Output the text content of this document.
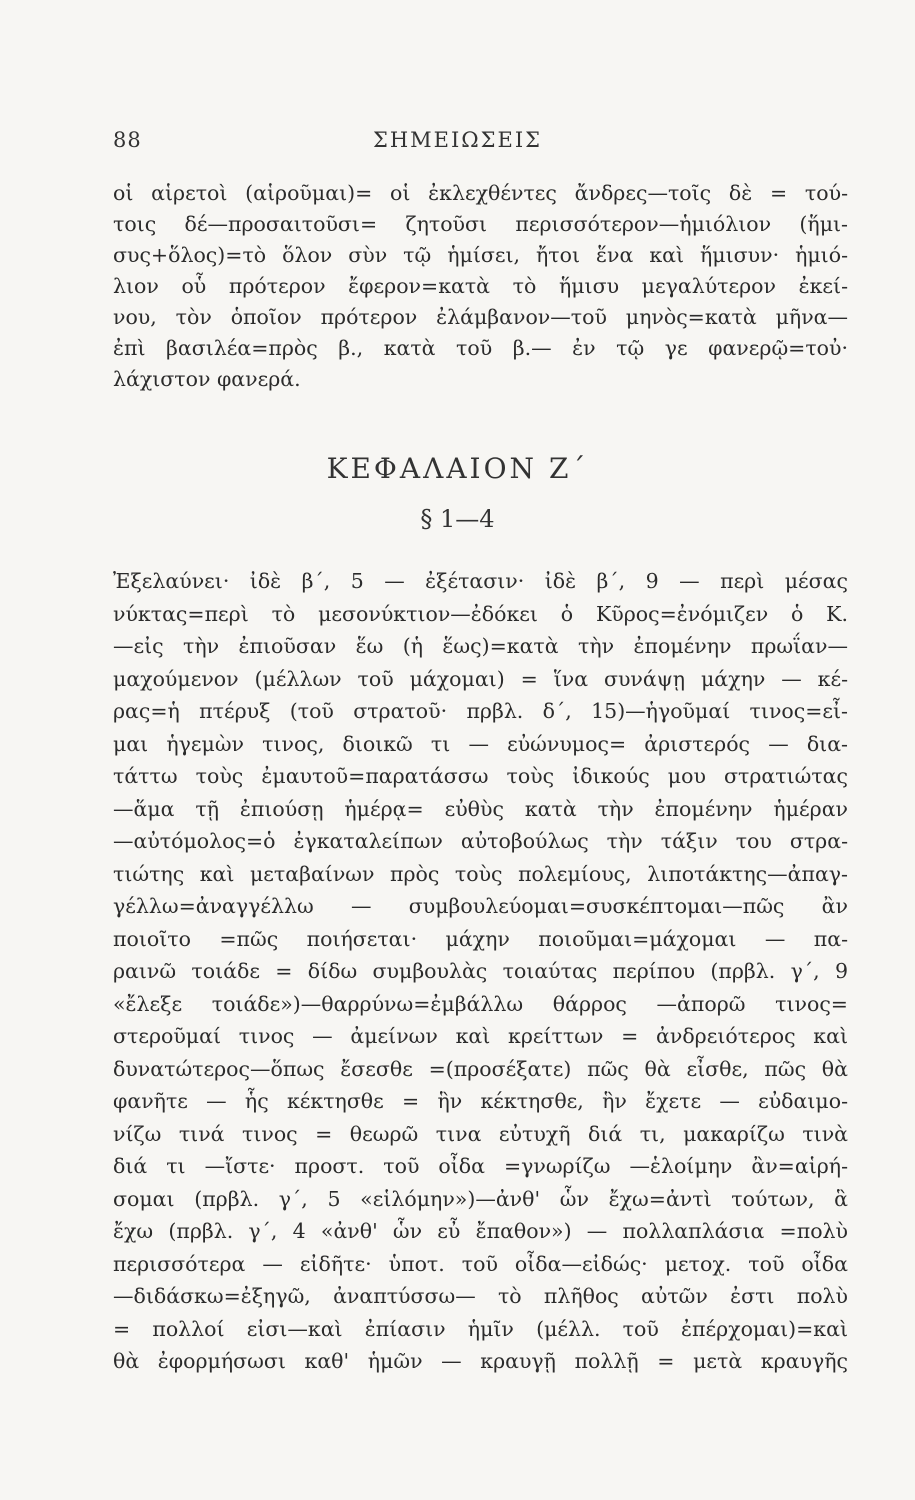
88	ΣΗΜΕΙΩΣΕΙΣ
οἱ αἱρετοὶ (αἱροῦμαι)= οἱ ἐκλεχθέντες ἄνδρες—τοῖς δὲ = τού-
τοις δέ—προσαιτοῦσι= ζητοῦσι περισσότερον—ἡμιόλιον (ἥμι-
συς+ὅλος)=τὸ ὅλον σὺν τῷ ἡμίσει, ἤτοι ἕνα καὶ ἥμισυν· ἡμιό-
λιον οὗ πρότερον ἔφερον=κατὰ τὸ ἥμισυ μεγαλύτερον ἐκεί-
νου, τὸν ὁποῖον πρότερον ἐλάμβανον—τοῦ μηνὸς=κατὰ μῆνα—
ἐπὶ βασιλέα=πρὸς β., κατὰ τοῦ β.— ἐν τῷ γε φανερῷ=τοὐ·
λάχιστον φανερά.
ΚΕΦΑΛΑΙΟΝ Ζ΄
§ 1—4
Ἐξελαύνει· ἰδὲ β΄, 5 — ἐξέτασιν· ἰδὲ β΄, 9 — περὶ μέσας
νύκτας=περὶ τὸ μεσονύκτιον—ἐδόκει ὁ Κῦρος=ἐνόμιζεν ὁ Κ.
—εἰς τὴν ἐπιοῦσαν ἕω (ἡ ἕως)=κατὰ τὴν ἐπομένην πρωΐαν—
μαχούμενον (μέλλων τοῦ μάχομαι) = ἵνα συνάψῃ μάχην — κέ-
ρας=ἡ πτέρυξ (τοῦ στρατοῦ· πρβλ. δ΄, 15)—ἡγοῦμαί τινος=εἶ-
μαι ἡγεμὼν τινος, διοικῶ τι — εὐώνυμος= ἀριστερός — δια-
τάττω τοὺς ἐμαυτοῦ=παρατάσσω τοὺς ἰδικούς μου στρατιώτας
—ἅμα τῇ ἐπιούσῃ ἡμέρᾳ= εὐθὺς κατὰ τὴν ἐπομένην ἡμέραν
—αὐτόμολος=ὁ ἐγκαταλείπων αὐτοβούλως τὴν τάξιν του στρα-
τιώτης καὶ μεταβαίνων πρὸς τοὺς πολεμίους, λιποτάκτης—ἀπαγ-
γέλλω=ἀναγγέλλω — συμβουλεύομαι=συσκέπτομαι—πῶς ἂν
ποιοῖτο =πῶς ποιήσεται· μάχην ποιοῦμαι=μάχομαι — πα-
ραινῶ τοιάδε = δίδω συμβουλὰς τοιαύτας περίπου (πρβλ. γ΄, 9
«ἔλεξε τοιάδε»)—θαρρύνω=ἐμβάλλω θάρρος —ἀπορῶ τινος=
στεροῦμαί τινος — ἀμείνων καὶ κρείττων = ἀνδρειότερος καὶ
δυνατώτερος—ὅπως ἔσεσθε =(προσέξατε) πῶς θὰ εἶσθε, πῶς θὰ
φανῆτε — ἧς κέκτησθε = ἣν κέκτησθε, ἣν ἔχετε — εὐδαιμο-
νίζω τινά τινος = θεωρῶ τινα εὐτυχῆ διά τι, μακαρίζω τινὰ
διά τι —ἴστε· προστ. τοῦ οἶδα =γνωρίζω —ἑλοίμην ἂν=αἱρή-
σομαι (πρβλ. γ΄, 5 «εἱλόμην»)—ἀνθ' ὧν ἔχω=ἀντὶ τούτων, ἃ
ἔχω (πρβλ. γ΄, 4 «ἀνθ' ὧν εὖ ἔπαθον») — πολλαπλάσια =πολὺ
περισσότερα — εἰδῆτε· ὑποτ. τοῦ οἶδα—εἰδώς· μετοχ. τοῦ οἶδα
—διδάσκω=ἐξηγῶ, ἀναπτύσσω— τὸ πλῆθος αὐτῶν ἐστι πολὺ
= πολλοί εἰσι—καὶ ἐπίασιν ἡμῖν (μέλλ. τοῦ ἐπέρχομαι)=καὶ
θὰ ἐφορμήσωσι καθ' ἡμῶν — κραυγῇ πολλῇ = μετὰ κραυγῆς
